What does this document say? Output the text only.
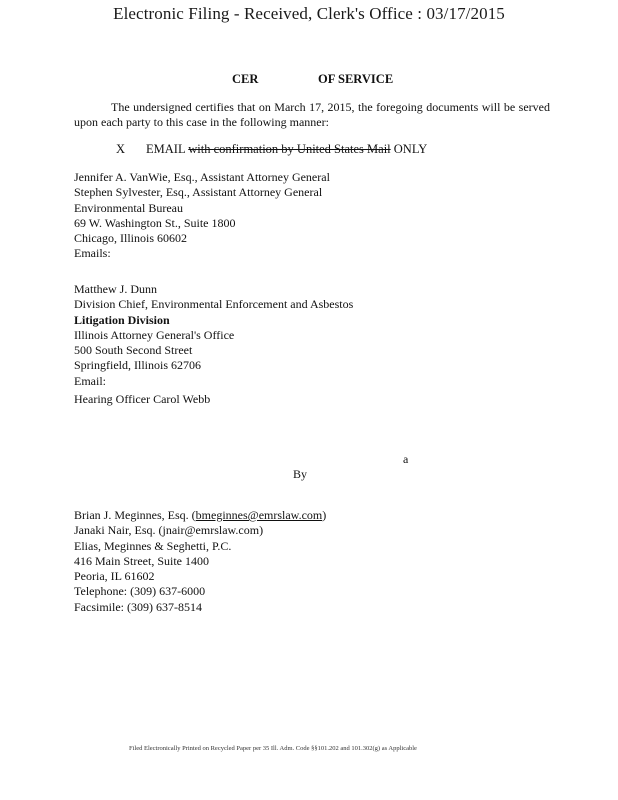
Electronic Filing - Received, Clerk's Office : 03/17/2015
CER	OF SERVICE
The undersigned certifies that on March 17, 2015, the foregoing documents will be served upon each party to this case in the following manner:
X EMAIL with confirmation by United States Mail ONLY
Jennifer A. VanWie, Esq., Assistant Attorney General
Stephen Sylvester, Esq., Assistant Attorney General
Environmental Bureau
69 W. Washington St., Suite 1800
Chicago, Illinois 60602
Emails:
Matthew J. Dunn
Division Chief, Environmental Enforcement and Asbestos
Litigation Division
Illinois Attorney General's Office
500 South Second Street
Springfield, Illinois 62706
Email:
Hearing Officer Carol Webb
a
By
Brian J. Meginnes, Esq. (bmeginnes@emrslaw.com)
Janaki Nair, Esq. (jnair@emrslaw.com)
Elias, Meginnes & Seghetti, P.C.
416 Main Street, Suite 1400
Peoria, IL 61602
Telephone: (309) 637-6000
Facsimile: (309) 637-8514
Filed Electronically Printed on Recycled Paper per 35 Ill. Adm. Code §§101.202 and 101.302(g) as Applicable
